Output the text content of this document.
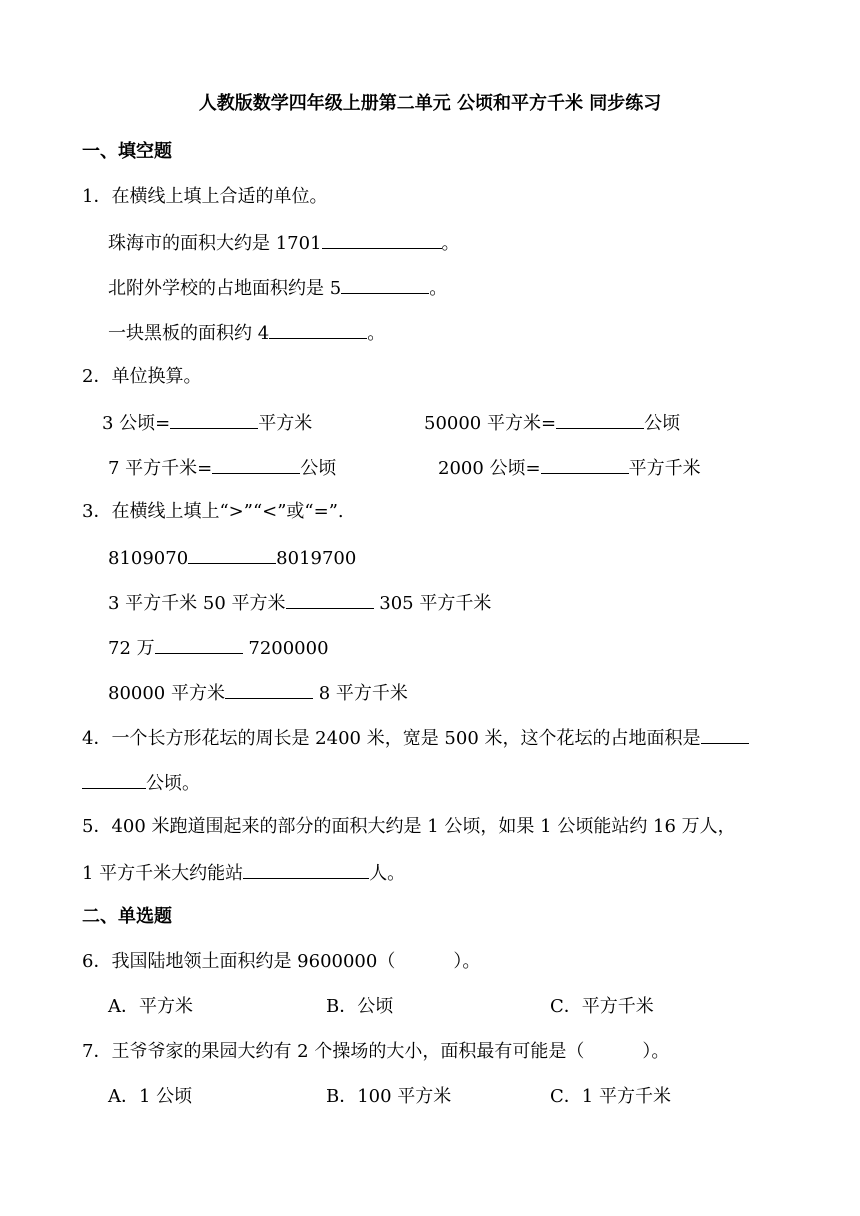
人教版数学四年级上册第二单元 公顷和平方千米 同步练习
一、填空题
1．在横线上填上合适的单位。
珠海市的面积大约是 1701	。
北附外学校的占地面积约是 5	。
一块黑板的面积约 4	。
2．单位换算。
3 公顷=	平方米	50000 平方米=	公顷
7 平方千米=	公顷	2000 公顷=	平方千米
3．在横线上填上“>”“<”或“=”.
8109070	8019700
3 平方千米 50 平方米	305 平方千米
72 万	7200000
80000 平方米	8 平方千米
4．一个长方形花坛的周长是 2400 米，宽是 500 米，这个花坛的占地面积是
公顷。
5．400 米跑道围起来的部分的面积大约是 1 公顷，如果 1 公顷能站约 16 万人，
1 平方千米大约能站	人。
二、单选题
6．我国陆地领土面积约是 9600000（	）。
A．平方米	B．公顷	C．平方千米
7．王爷爷家的果园大约有 2 个操场的大小，面积最有可能是（	）。
A．1 公顷	B．100 平方米	C．1 平方千米
